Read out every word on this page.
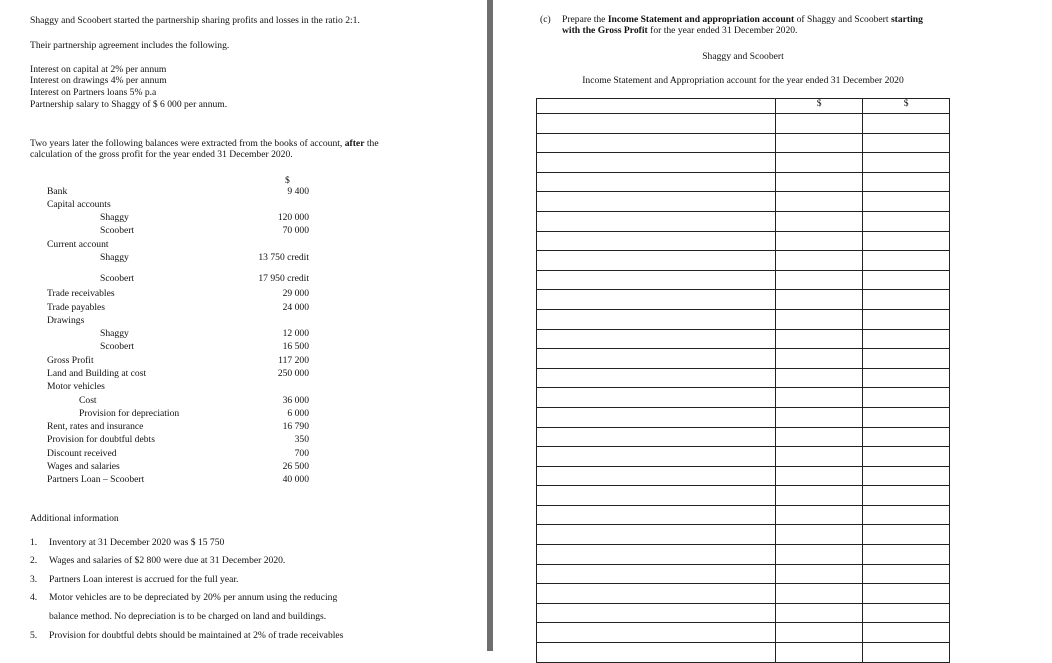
Shaggy and Scoobert started the partnership sharing profits and losses in the ratio 2:1.
Their partnership agreement includes the following.
Interest on capital at 2% per annum
Interest on drawings 4% per annum
Interest on Partners loans 5% p.a
Partnership salary to Shaggy of $ 6 000 per annum.
Two years later the following balances were extracted from the books of account, after the
calculation of the gross profit for the year ended 31 December 2020.
$
Bank	9 400
Capital accounts
Shaggy	120 000
Scoobert	70 000
Current account
Shaggy	13 750 credit
Scoobert	17 950 credit
Trade receivables	29 000
Trade payables	24 000
Drawings
Shaggy	12 000
Scoobert	16 500
Gross Profit	117 200
Land and Building at cost	250 000
Motor vehicles
Cost	36 000
Provision for depreciation	6 000
Rent, rates and insurance	16 790
Provision for doubtful debts	350
Discount received	700
Wages and salaries	26 500
Partners Loan – Scoobert	40 000
Additional information
1. Inventory at 31 December 2020 was $ 15 750
2. Wages and salaries of $2 800 were due at 31 December 2020.
3. Partners Loan interest is accrued for the full year.
4. Motor vehicles are to be depreciated by 20% per annum using the reducing
balance method. No depreciation is to be charged on land and buildings.
5. Provision for doubtful debts should be maintained at 2% of trade receivables
(c) Prepare the Income Statement and appropriation account of Shaggy and Scoobert starting
with the Gross Profit for the year ended 31 December 2020.
Shaggy and Scoobert
Income Statement and Appropriation account for the year ended 31 December 2020
	$	$
